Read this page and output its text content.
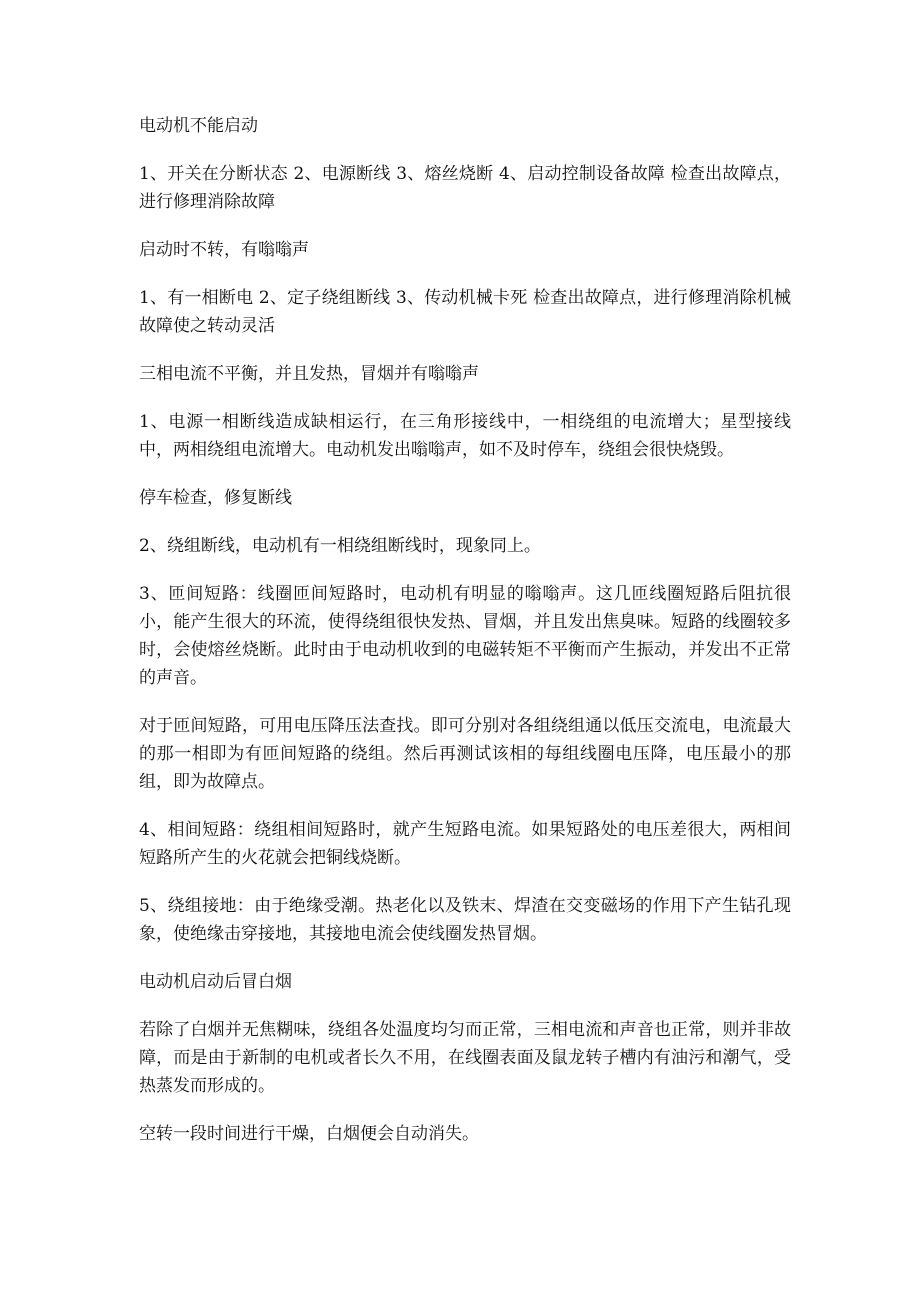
电动机不能启动

1、开关在分断状态 2、电源断线 3、熔丝烧断 4、启动控制设备故障 检查出故障点，进行修理消除故障

启动时不转，有嗡嗡声

1、有一相断电 2、定子绕组断线 3、传动机械卡死 检查出故障点，进行修理消除机械故障使之转动灵活

三相电流不平衡，并且发热，冒烟并有嗡嗡声

1、电源一相断线造成缺相运行，在三角形接线中，一相绕组的电流增大；星型接线中，两相绕组电流增大。电动机发出嗡嗡声，如不及时停车，绕组会很快烧毁。

停车检查，修复断线

2、绕组断线，电动机有一相绕组断线时，现象同上。

3、匝间短路：线圈匝间短路时，电动机有明显的嗡嗡声。这几匝线圈短路后阻抗很小，能产生很大的环流，使得绕组很快发热、冒烟，并且发出焦臭味。短路的线圈较多时，会使熔丝烧断。此时由于电动机收到的电磁转矩不平衡而产生振动，并发出不正常的声音。

对于匝间短路，可用电压降压法查找。即可分别对各组绕组通以低压交流电，电流最大的那一相即为有匝间短路的绕组。然后再测试该相的每组线圈电压降，电压最小的那组，即为故障点。

4、相间短路：绕组相间短路时，就产生短路电流。如果短路处的电压差很大，两相间短路所产生的火花就会把铜线烧断。

5、绕组接地：由于绝缘受潮。热老化以及铁末、焊渣在交变磁场的作用下产生钻孔现象，使绝缘击穿接地，其接地电流会使线圈发热冒烟。

电动机启动后冒白烟

若除了白烟并无焦糊味，绕组各处温度均匀而正常，三相电流和声音也正常，则并非故障，而是由于新制的电机或者长久不用，在线圈表面及鼠龙转子槽内有油污和潮气，受热蒸发而形成的。

空转一段时间进行干燥，白烟便会自动消失。
